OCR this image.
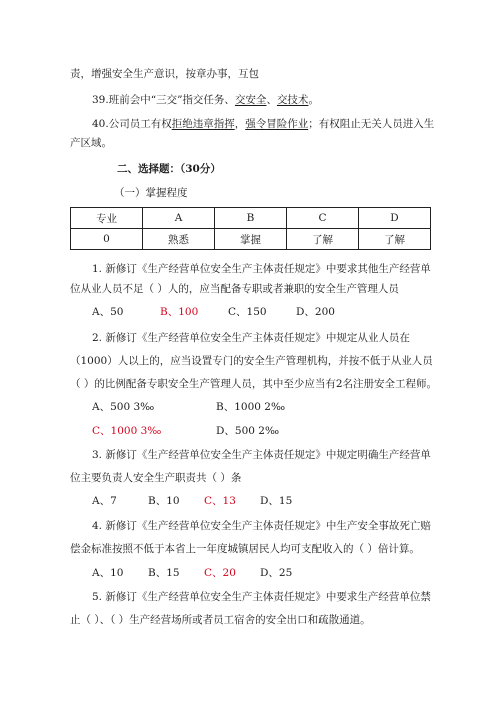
责，增强安全生产意识，按章办事，互包
39.班前会中“三交”指交任务、交安全、交技术。
40.公司员工有权拒绝违章指挥，强令冒险作业；有权阻止无关人员进入生
产区域。
二、选择题：（30分）
（一）掌握程度
专业	A	B	C	D
0	熟悉	掌握	了解	了解
1. 新修订《生产经营单位安全生产主体责任规定》中要求其他生产经营单
位从业人员不足（ ）人的，应当配备专职或者兼职的安全生产管理人员
A、50	B、100	C、150	D、200
2. 新修订《生产经营单位安全生产主体责任规定》中规定从业人员在
（1000）人以上的，应当设置专门的安全生产管理机构，并按不低于从业人员
（ ）的比例配备专职安全生产管理人员，其中至少应当有2名注册安全工程师。
A、500 3‰	B、1000 2‰
C、1000 3‰	D、500 2‰
3. 新修订《生产经营单位安全生产主体责任规定》中规定明确生产经营单
位主要负责人安全生产职责共（ ）条
A、7	B、10 C、13 D、15
4. 新修订《生产经营单位安全生产主体责任规定》中生产安全事故死亡赔
偿金标准按照不低于本省上一年度城镇居民人均可支配收入的（ ）倍计算。
A、10 B、15 C、20 D、25
5. 新修订《生产经营单位安全生产主体责任规定》中要求生产经营单位禁
止（ ）、（ ）生产经营场所或者员工宿舍的安全出口和疏散通道。
